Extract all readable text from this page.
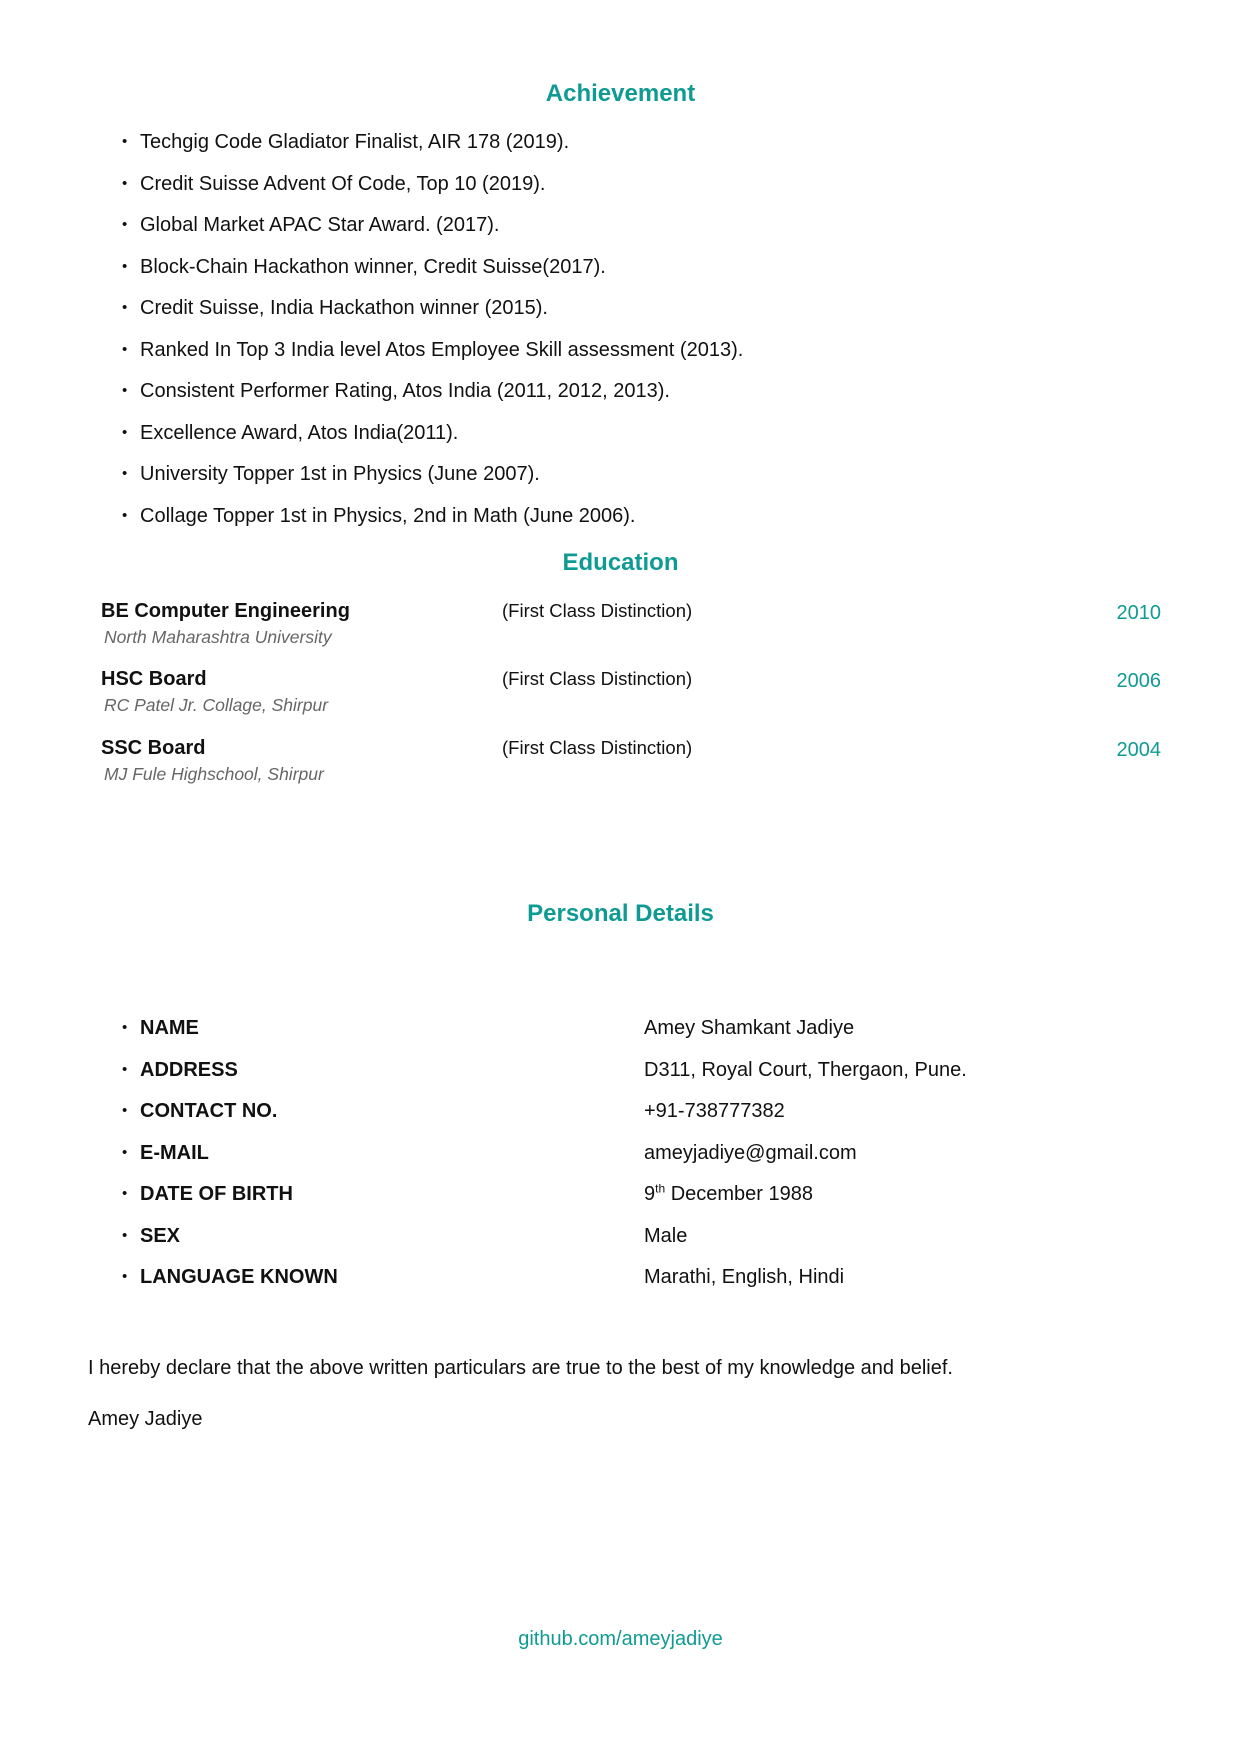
Achievement
• Techgig Code Gladiator Finalist, AIR 178 (2019).
• Credit Suisse Advent Of Code, Top 10 (2019).
• Global Market APAC Star Award. (2017).
• Block-Chain Hackathon winner, Credit Suisse(2017).
• Credit Suisse, India Hackathon winner (2015).
• Ranked In Top 3 India level Atos Employee Skill assessment (2013).
• Consistent Performer Rating, Atos India (2011, 2012, 2013).
• Excellence Award, Atos India(2011).
• University Topper 1st in Physics (June 2007).
• Collage Topper 1st in Physics, 2nd in Math (June 2006).
Education
BE Computer Engineering
North Maharashtra University
(First Class Distinction)	2010
HSC Board
RC Patel Jr. Collage, Shirpur
(First Class Distinction)	2006
SSC Board
MJ Fule Highschool, Shirpur
(First Class Distinction)	2004
Personal Details
• NAME	Amey Shamkant Jadiye
• ADDRESS	D311, Royal Court, Thergaon, Pune.
• CONTACT NO.	+91-738777382
• E-MAIL	ameyjadiye@gmail.com
• DATE OF BIRTH	9th December 1988
• SEX	Male
• LANGUAGE KNOWN	Marathi, English, Hindi

I hereby declare that the above written particulars are true to the best of my knowledge and belief.

Amey Jadiye

github.com/ameyjadiye
